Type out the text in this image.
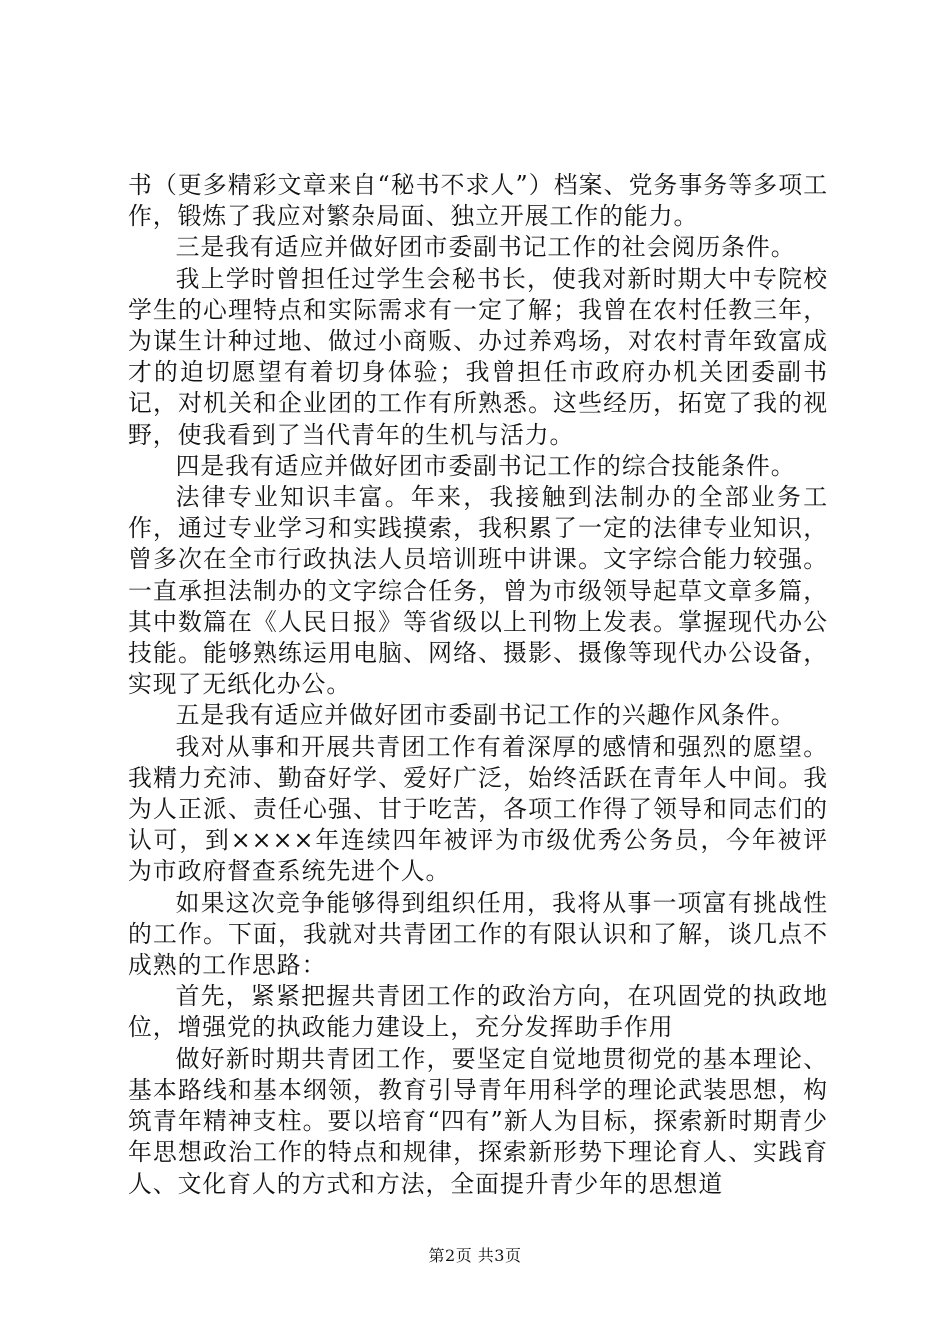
书（更多精彩文章来自“秘书不求人”）档案、党务事务等多项工作，锻炼了我应对繁杂局面、独立开展工作的能力。

三是我有适应并做好团市委副书记工作的社会阅历条件。

我上学时曾担任过学生会秘书长，使我对新时期大中专院校学生的心理特点和实际需求有一定了解；我曾在农村任教三年，为谋生计种过地、做过小商贩、办过养鸡场，对农村青年致富成才的迫切愿望有着切身体验；我曾担任市政府办机关团委副书记，对机关和企业团的工作有所熟悉。这些经历，拓宽了我的视野，使我看到了当代青年的生机与活力。

四是我有适应并做好团市委副书记工作的综合技能条件。

法律专业知识丰富。年来，我接触到法制办的全部业务工作，通过专业学习和实践摸索，我积累了一定的法律专业知识，曾多次在全市行政执法人员培训班中讲课。文字综合能力较强。一直承担法制办的文字综合任务，曾为市级领导起草文章多篇，其中数篇在《人民日报》等省级以上刊物上发表。掌握现代办公技能。能够熟练运用电脑、网络、摄影、摄像等现代办公设备，实现了无纸化办公。

五是我有适应并做好团市委副书记工作的兴趣作风条件。

我对从事和开展共青团工作有着深厚的感情和强烈的愿望。我精力充沛、勤奋好学、爱好广泛，始终活跃在青年人中间。我为人正派、责任心强、甘于吃苦，各项工作得了领导和同志们的认可，到××××年连续四年被评为市级优秀公务员，今年被评为市政府督查系统先进个人。

如果这次竞争能够得到组织任用，我将从事一项富有挑战性的工作。下面，我就对共青团工作的有限认识和了解，谈几点不成熟的工作思路：

首先，紧紧把握共青团工作的政治方向，在巩固党的执政地位，增强党的执政能力建设上，充分发挥助手作用

做好新时期共青团工作，要坚定自觉地贯彻党的基本理论、基本路线和基本纲领，教育引导青年用科学的理论武装思想，构筑青年精神支柱。要以培育“四有”新人为目标，探索新时期青少年思想政治工作的特点和规律，探索新形势下理论育人、实践育人、文化育人的方式和方法，全面提升青少年的思想道

第2页 共3页
